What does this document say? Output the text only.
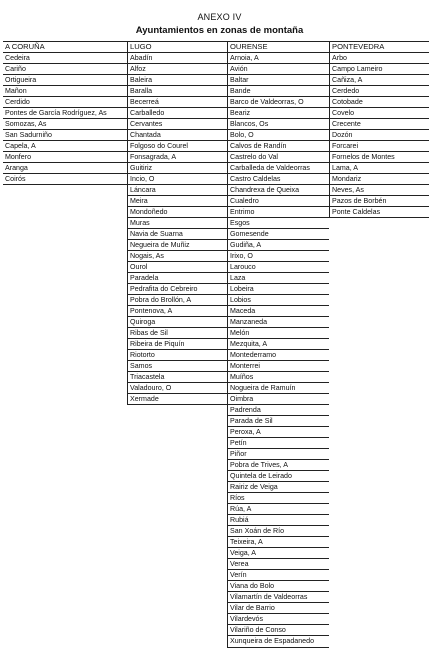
ANEXO IV
Ayuntamientos en zonas de montaña
A CORUÑA
Cedeira
Cariño
Ortigueira
Mañon
Cerdido
Pontes de García Rodríguez, As
Somozas, As
San Sadurniño
Capela, A
Monfero
Aranga
Coirós
LUGO
Abadín
Alfoz
Baleira
Baralla
Becerreá
Carballedo
Cervantes
Chantada
Folgoso do Courel
Fonsagrada, A
Guitiriz
Incio, O
Láncara
Meira
Mondoñedo
Muras
Navia de Suarna
Negueira de Muñiz
Nogais, As
Ourol
Paradela
Pedrafita do Cebreiro
Pobra do Brollón, A
Pontenova, A
Quiroga
Ribas de Sil
Ribeira de Piquín
Riotorto
Samos
Triacastela
Valadouro, O
Xermade
OURENSE
Arnoia, A
Avión
Baltar
Bande
Barco de Valdeorras, O
Beariz
Blancos, Os
Bolo, O
Calvos de Randín
Castrelo do Val
Carballeda de Valdeorras
Castro Caldelas
Chandrexa de Queixa
Cualedro
Entrimo
Esgos
Gomesende
Gudiña, A
Irixo, O
Larouco
Laza
Lobeira
Lobios
Maceda
Manzaneda
Melón
Mezquita, A
Montederramo
Monterrei
Muíños
Nogueira de Ramuín
Oimbra
Padrenda
Parada de Sil
Peroxa, A
Petín
Piñor
Pobra de Trives, A
Quintela de Leirado
Rairiz de Veiga
Ríos
Rúa, A
Rubiá
San Xoán de Río
Teixeira, A
Veiga, A
Verea
Verín
Viana do Bolo
Vilamartín de Valdeorras
Vilar de Barrio
Vilardevós
Vilariño de Conso
Xunqueira de Espadanedo
PONTEVEDRA
Arbo
Campo Lameiro
Cañiza, A
Cerdedo
Cotobade
Covelo
Crecente
Dozón
Forcarei
Fornelos de Montes
Lama, A
Mondariz
Neves, As
Pazos de Borbén
Ponte Caldelas
